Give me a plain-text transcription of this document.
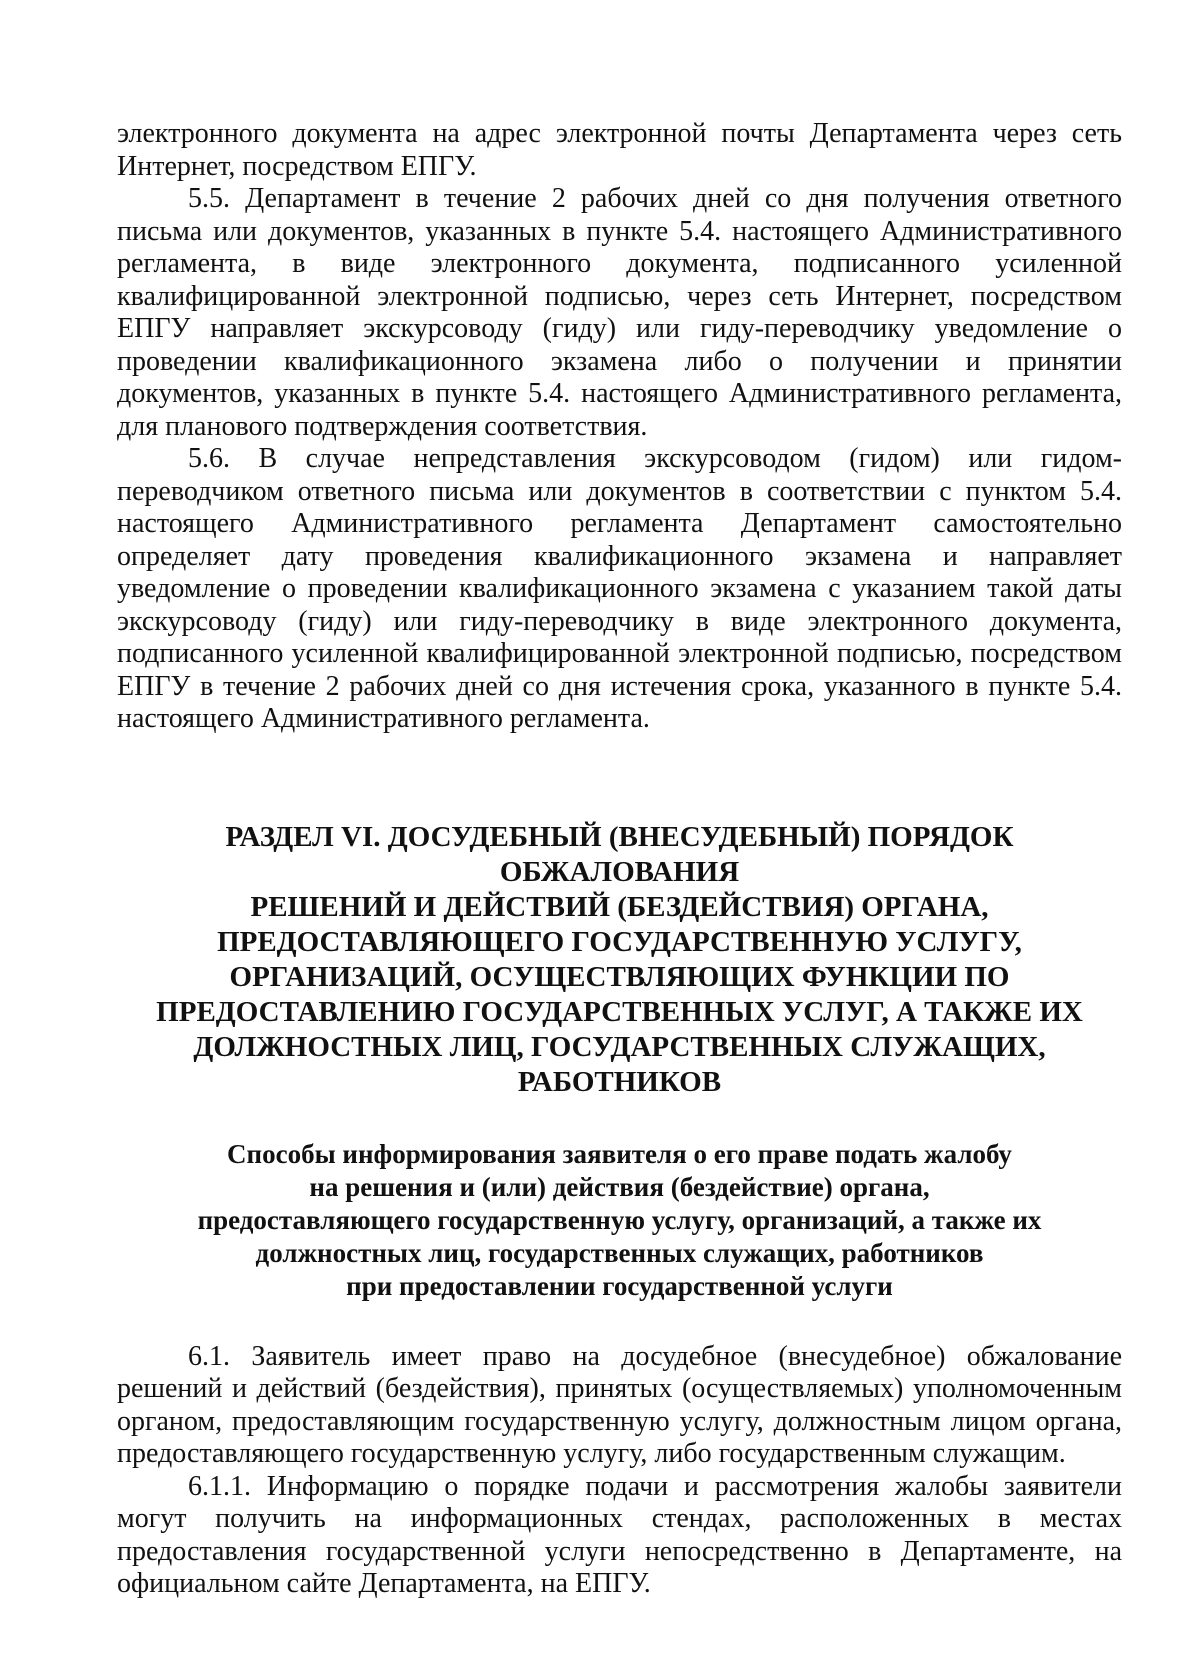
электронного документа на адрес электронной почты Департамента через сеть Интернет, посредством ЕПГУ.

5.5. Департамент в течение 2 рабочих дней со дня получения ответного письма или документов, указанных в пункте 5.4. настоящего Административного регламента, в виде электронного документа, подписанного усиленной квалифицированной электронной подписью, через сеть Интернет, посредством ЕПГУ направляет экскурсоводу (гиду) или гиду-переводчику уведомление о проведении квалификационного экзамена либо о получении и принятии документов, указанных в пункте 5.4. настоящего Административного регламента, для планового подтверждения соответствия.

5.6. В случае непредставления экскурсоводом (гидом) или гидом-переводчиком ответного письма или документов в соответствии с пунктом 5.4. настоящего Административного регламента Департамент самостоятельно определяет дату проведения квалификационного экзамена и направляет уведомление о проведении квалификационного экзамена с указанием такой даты экскурсоводу (гиду) или гиду-переводчику в виде электронного документа, подписанного усиленной квалифицированной электронной подписью, посредством ЕПГУ в течение 2 рабочих дней со дня истечения срока, указанного в пункте 5.4. настоящего Административного регламента.

РАЗДЕЛ VI. ДОСУДЕБНЫЙ (ВНЕСУДЕБНЫЙ) ПОРЯДОК ОБЖАЛОВАНИЯ
РЕШЕНИЙ И ДЕЙСТВИЙ (БЕЗДЕЙСТВИЯ) ОРГАНА,
ПРЕДОСТАВЛЯЮЩЕГО ГОСУДАРСТВЕННУЮ УСЛУГУ,
ОРГАНИЗАЦИЙ, ОСУЩЕСТВЛЯЮЩИХ ФУНКЦИИ ПО
ПРЕДОСТАВЛЕНИЮ ГОСУДАРСТВЕННЫХ УСЛУГ, А ТАКЖЕ ИХ
ДОЛЖНОСТНЫХ ЛИЦ, ГОСУДАРСТВЕННЫХ СЛУЖАЩИХ,
РАБОТНИКОВ
Способы информирования заявителя о его праве подать жалобу
на решения и (или) действия (бездействие) органа,
предоставляющего государственную услугу, организаций, а также их
должностных лиц, государственных служащих, работников
при предоставлении государственной услуги

6.1. Заявитель имеет право на досудебное (внесудебное) обжалование решений и действий (бездействия), принятых (осуществляемых) уполномоченным органом, предоставляющим государственную услугу, должностным лицом органа, предоставляющего государственную услугу, либо государственным служащим.

6.1.1. Информацию о порядке подачи и рассмотрения жалобы заявители могут получить на информационных стендах, расположенных в местах предоставления государственной услуги непосредственно в Департаменте, на официальном сайте Департамента, на ЕПГУ.
